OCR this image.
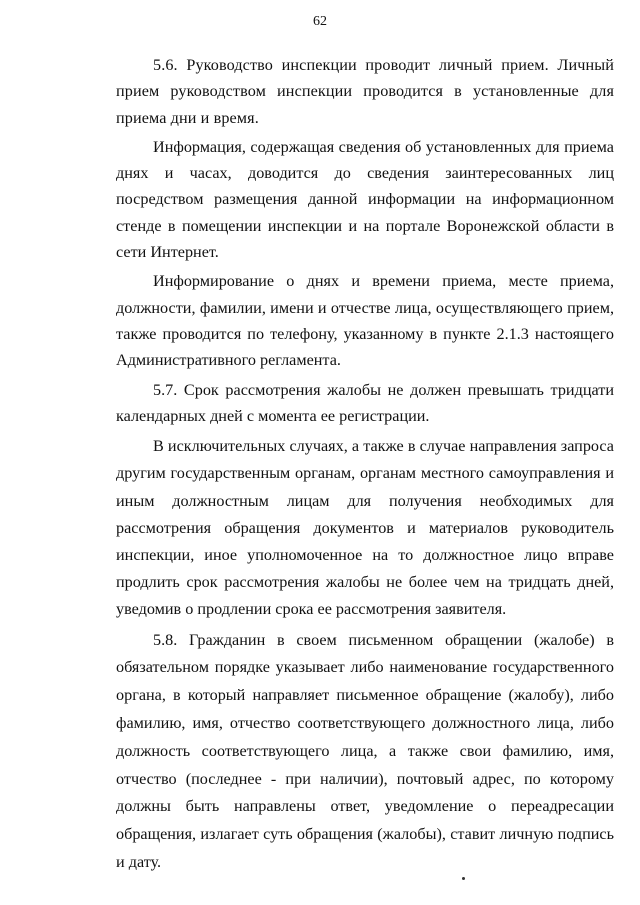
62

5.6. Руководство инспекции проводит личный прием. Личный прием руководством инспекции проводится в установленные для приема дни и время.

Информация, содержащая сведения об установленных для приема днях и часах, доводится до сведения заинтересованных лиц посредством размещения данной информации на информационном стенде в помещении инспекции и на портале Воронежской области в сети Интернет.

Информирование о днях и времени приема, месте приема, должности, фамилии, имени и отчестве лица, осуществляющего прием, также проводится по телефону, указанному в пункте 2.1.3 настоящего Административного регламента.

5.7. Срок рассмотрения жалобы не должен превышать тридцати календарных дней с момента ее регистрации.

В исключительных случаях, а также в случае направления запроса другим государственным органам, органам местного самоуправления и иным должностным лицам для получения необходимых для рассмотрения обращения документов и материалов руководитель инспекции, иное уполномоченное на то должностное лицо вправе продлить срок рассмотрения жалобы не более чем на тридцать дней, уведомив о продлении срока ее рассмотрения заявителя.

5.8. Гражданин в своем письменном обращении (жалобе) в обязательном порядке указывает либо наименование государственного органа, в который направляет письменное обращение (жалобу), либо фамилию, имя, отчество соответствующего должностного лица, либо должность соответствующего лица, а также свои фамилию, имя, отчество (последнее - при наличии), почтовый адрес, по которому должны быть направлены ответ, уведомление о переадресации обращения, излагает суть обращения (жалобы), ставит личную подпись и дату.
